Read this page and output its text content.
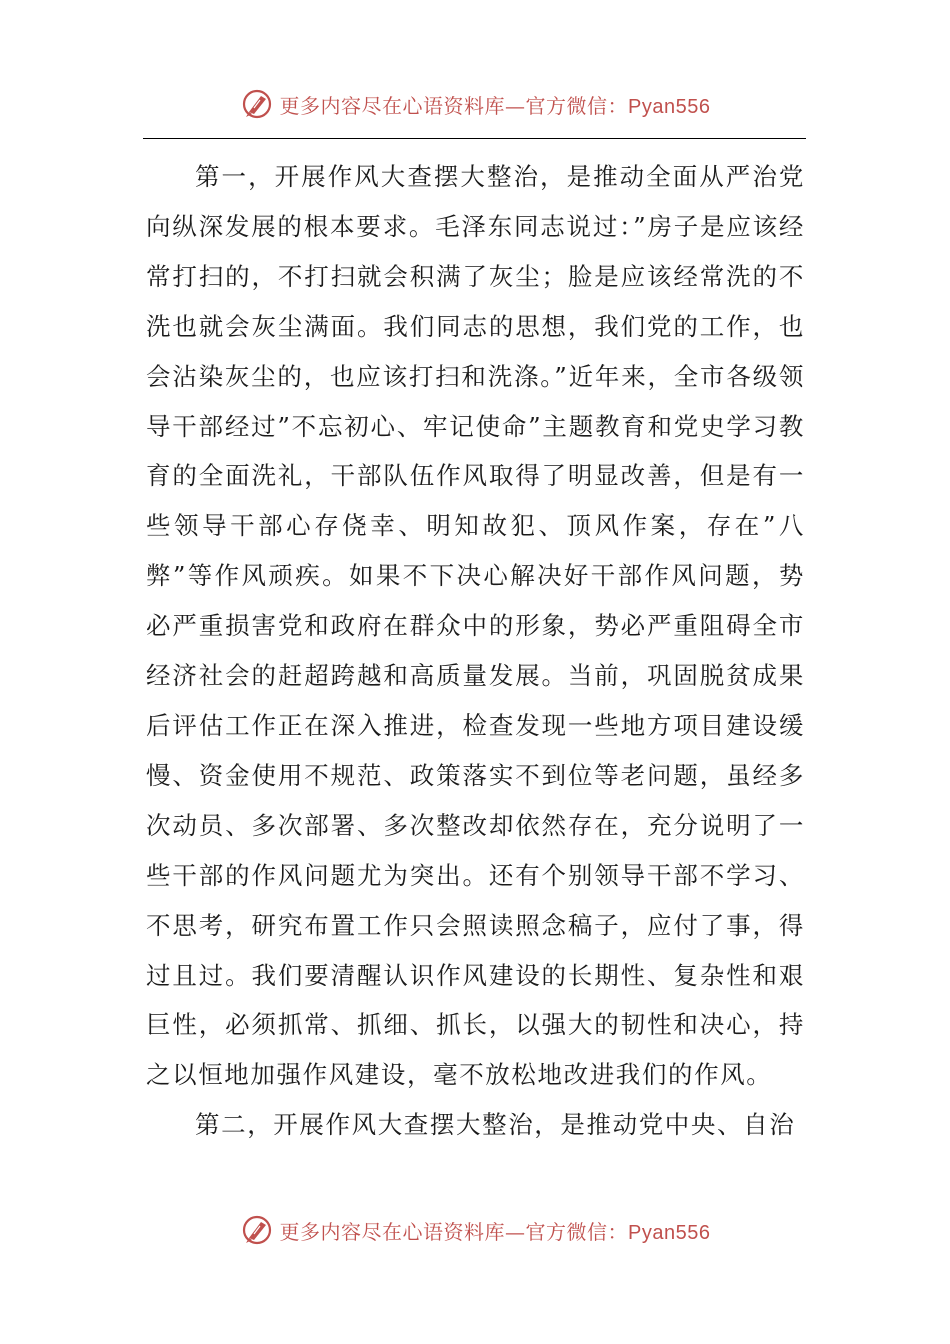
更多内容尽在心语资料库—官方微信：Pyan556

第一，开展作风大查摆大整治，是推动全面从严治党向纵深发展的根本要求。毛泽东同志说过：”房子是应该经常打扫的，不打扫就会积满了灰尘；脸是应该经常洗的不洗也就会灰尘满面。我们同志的思想，我们党的工作，也会沾染灰尘的，也应该打扫和洗涤。”近年来，全市各级领导干部经过”不忘初心、牢记使命”主题教育和党史学习教育的全面洗礼，干部队伍作风取得了明显改善，但是有一些领导干部心存侥幸、明知故犯、顶风作案，存在”八弊”等作风顽疾。如果不下决心解决好干部作风问题，势必严重损害党和政府在群众中的形象，势必严重阻碍全市经济社会的赶超跨越和高质量发展。当前，巩固脱贫成果后评估工作正在深入推进，检查发现一些地方项目建设缓慢、资金使用不规范、政策落实不到位等老问题，虽经多次动员、多次部署、多次整改却依然存在，充分说明了一些干部的作风问题尤为突出。还有个别领导干部不学习、不思考，研究布置工作只会照读照念稿子，应付了事，得过且过。我们要清醒认识作风建设的长期性、复杂性和艰巨性，必须抓常、抓细、抓长，以强大的韧性和决心，持之以恒地加强作风建设，毫不放松地改进我们的作风。

第二，开展作风大查摆大整治，是推动党中央、自治

更多内容尽在心语资料库—官方微信：Pyan556
